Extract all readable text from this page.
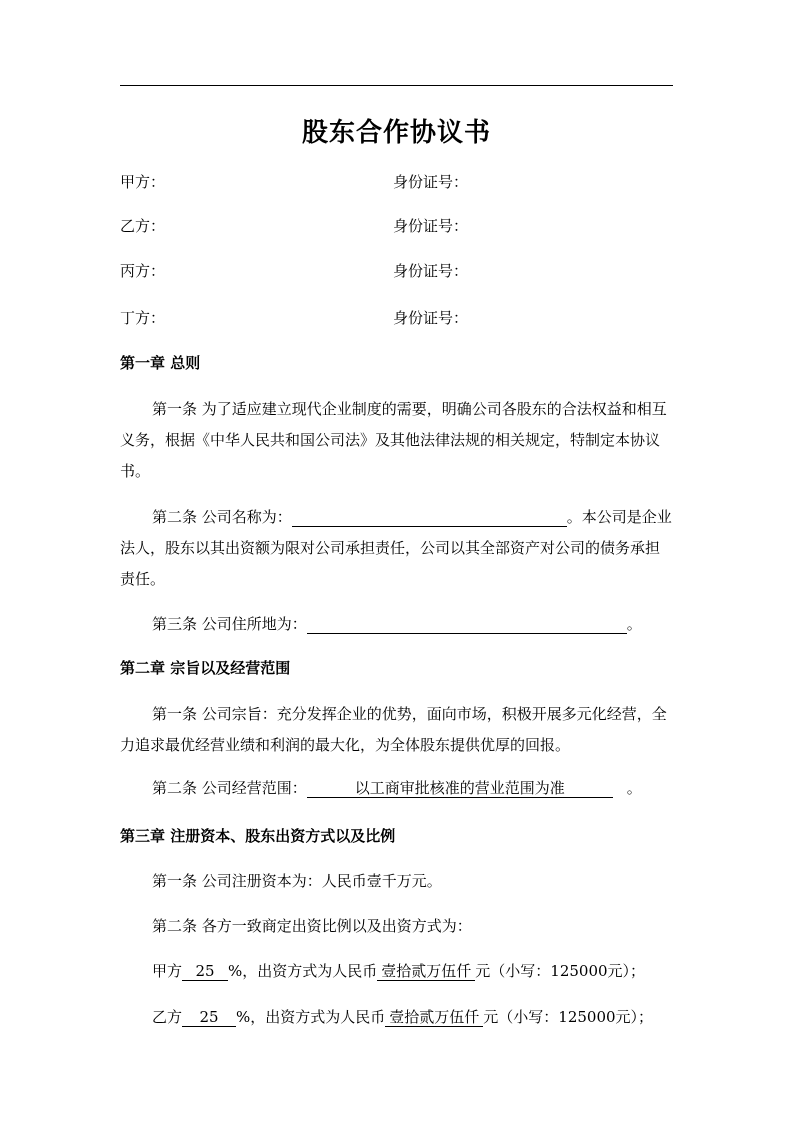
股东合作协议书
甲方：	身份证号：
乙方：	身份证号：
丙方：	身份证号：
丁方：	身份证号：
第一章 总则

第一条 为了适应建立现代企业制度的需要，明确公司各股东的合法权益和相互义务，根据《中华人民共和国公司法》及其他法律法规的相关规定，特制定本协议书。

第二条 公司名称为：	。本公司是企业法人，股东以其出资额为限对公司承担责任，公司以其全部资产对公司的债务承担责任。

第三条 公司住所地为：	。

第二章 宗旨以及经营范围

第一条 公司宗旨：充分发挥企业的优势，面向市场，积极开展多元化经营，全力追求最优经营业绩和利润的最大化，为全体股东提供优厚的回报。

第二条 公司经营范围：	以工商审批核准的营业范围为准	。

第三章 注册资本、股东出资方式以及比例

第一条 公司注册资本为：人民币壹千万元。

第二条 各方一致商定出资比例以及出资方式为：

甲方 25 %，出资方式为人民币 壹拾贰万伍仟 元（小写：125000元）；

乙方 25 %，出资方式为人民币 壹拾贰万伍仟 元（小写：125000元）；
